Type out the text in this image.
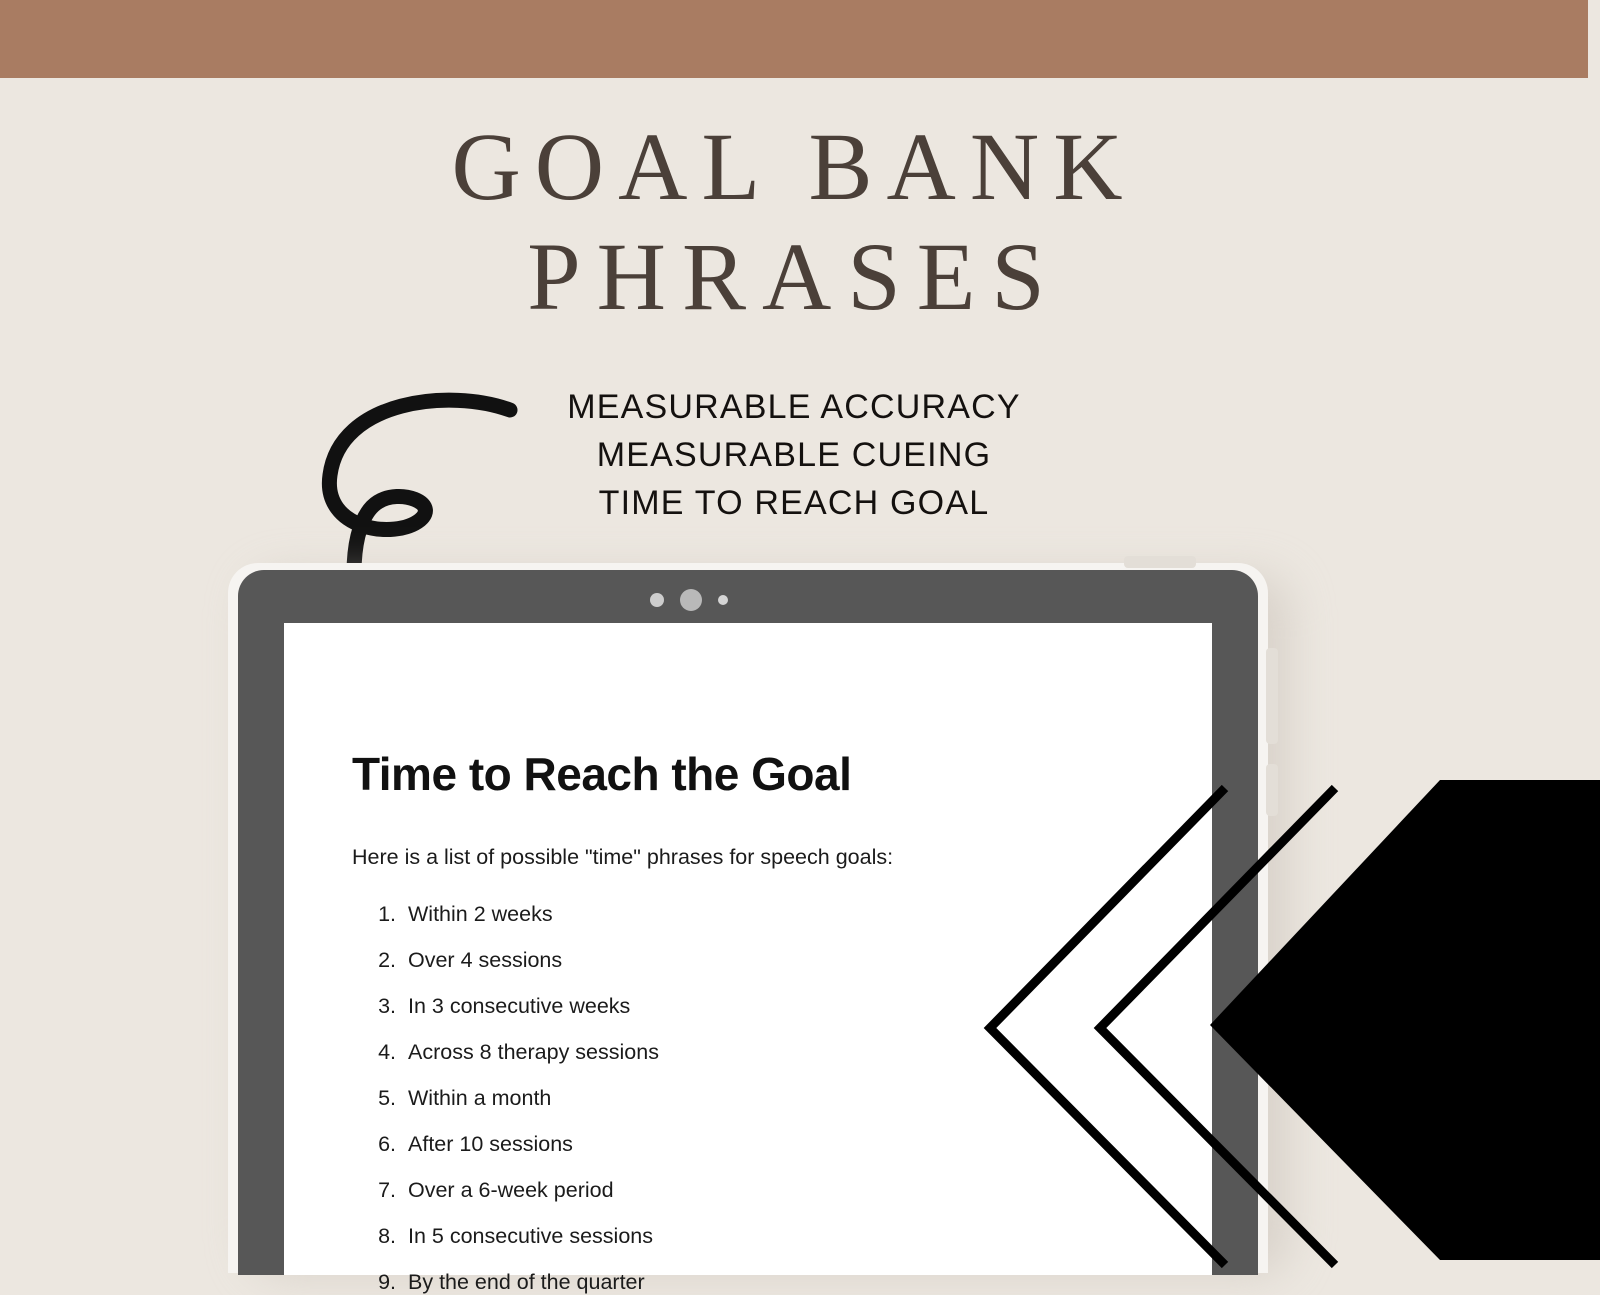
GOAL BANK
PHRASES
MEASURABLE ACCURACY
MEASURABLE CUEING
TIME TO REACH GOAL
Time to Reach the Goal
Here is a list of possible "time" phrases for speech goals:
1. Within 2 weeks
2. Over 4 sessions
3. In 3 consecutive weeks
4. Across 8 therapy sessions
5. Within a month
6. After 10 sessions
7. Over a 6-week period
8. In 5 consecutive sessions
9. By the end of the quarter
